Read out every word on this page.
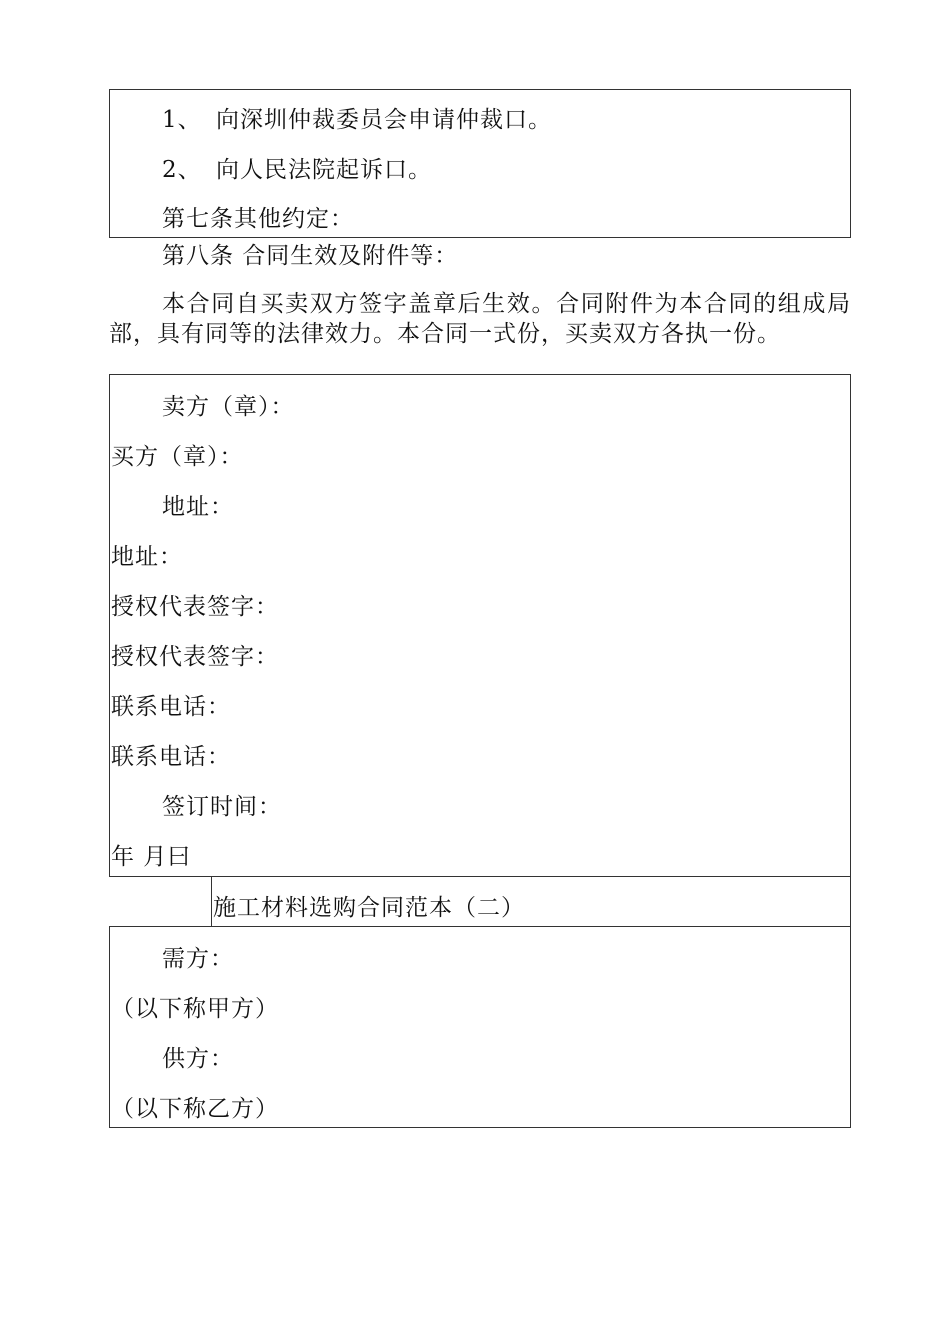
1、 向深圳仲裁委员会申请仲裁口。
2、 向人民法院起诉口。
第七条其他约定：
第八条 合同生效及附件等：
本合同自买卖双方签字盖章后生效。合同附件为本合同的组成局部，具有同等的法律效力。本合同一式份，买卖双方各执一份。
卖方（章）：
买方（章）：
地址：
地址：
授权代表签字：
授权代表签字：
联系电话：
联系电话：
签订时间：
年 月曰
施工材料选购合同范本（二）
需方：
（以下称甲方）
供方：
（以下称乙方）
